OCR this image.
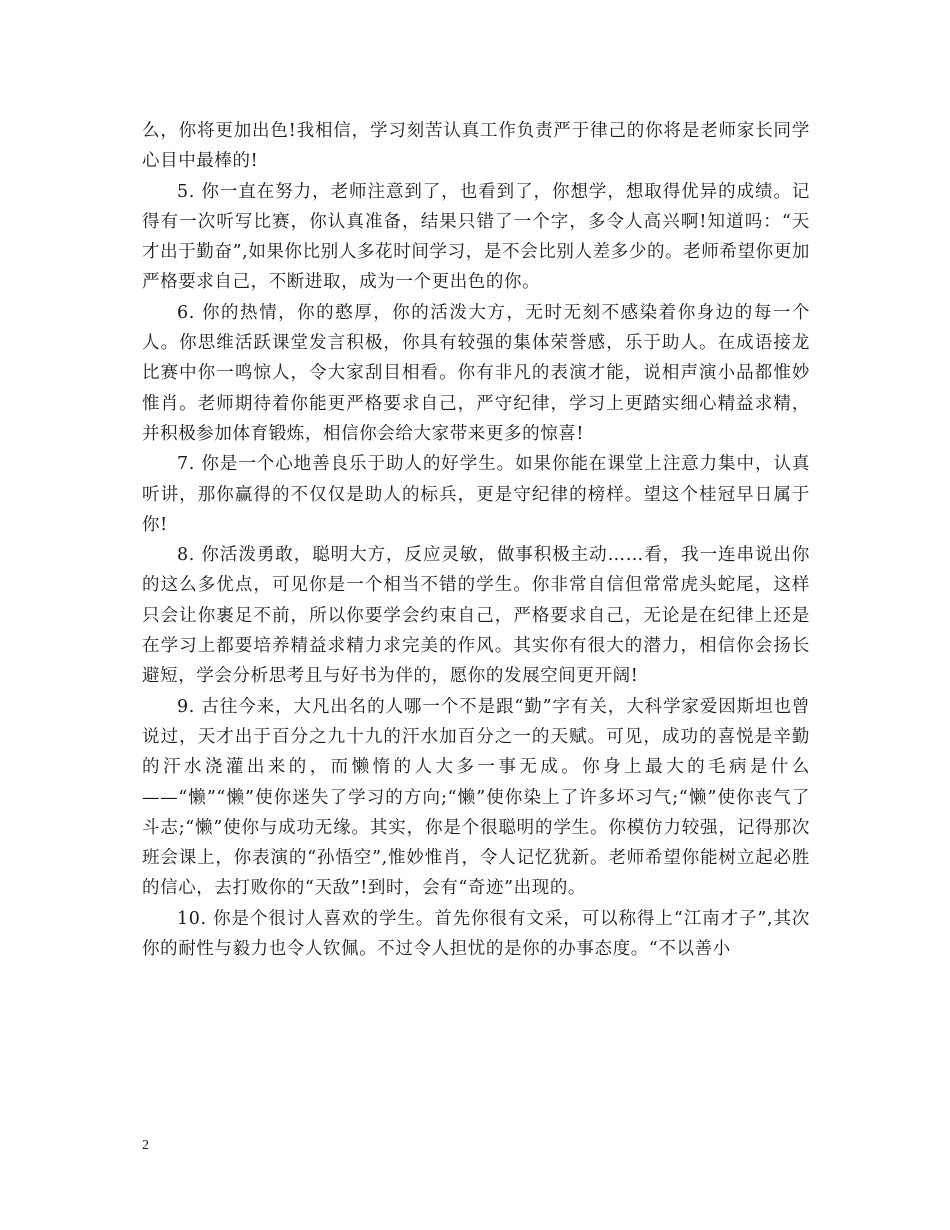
么，你将更加出色!我相信，学习刻苦认真工作负责严于律己的你将是老师家长同学心目中最棒的!

5. 你一直在努力，老师注意到了，也看到了，你想学，想取得优异的成绩。记得有一次听写比赛，你认真准备，结果只错了一个字，多令人高兴啊!知道吗：“天才出于勤奋”,如果你比别人多花时间学习，是不会比别人差多少的。老师希望你更加严格要求自己，不断进取，成为一个更出色的你。

6. 你的热情，你的憨厚，你的活泼大方，无时无刻不感染着你身边的每一个人。你思维活跃课堂发言积极，你具有较强的集体荣誉感，乐于助人。在成语接龙比赛中你一鸣惊人，令大家刮目相看。你有非凡的表演才能，说相声演小品都惟妙惟肖。老师期待着你能更严格要求自己，严守纪律，学习上更踏实细心精益求精，并积极参加体育锻炼，相信你会给大家带来更多的惊喜!

7. 你是一个心地善良乐于助人的好学生。如果你能在课堂上注意力集中，认真听讲，那你赢得的不仅仅是助人的标兵，更是守纪律的榜样。望这个桂冠早日属于你!

8. 你活泼勇敢，聪明大方，反应灵敏，做事积极主动……看，我一连串说出你的这么多优点，可见你是一个相当不错的学生。你非常自信但常常虎头蛇尾，这样只会让你裹足不前，所以你要学会约束自己，严格要求自己，无论是在纪律上还是在学习上都要培养精益求精力求完美的作风。其实你有很大的潜力，相信你会扬长避短，学会分析思考且与好书为伴的，愿你的发展空间更开阔!

9. 古往今来，大凡出名的人哪一个不是跟“勤”字有关，大科学家爱因斯坦也曾说过，天才出于百分之九十九的汗水加百分之一的天赋。可见，成功的喜悦是辛勤的汗水浇灌出来的，而懒惰的人大多一事无成。你身上最大的毛病是什么——“懒”“懒”使你迷失了学习的方向;“懒”使你染上了许多坏习气;“懒”使你丧气了斗志;“懒”使你与成功无缘。其实，你是个很聪明的学生。你模仿力较强，记得那次班会课上，你表演的“孙悟空”,惟妙惟肖，令人记忆犹新。老师希望你能树立起必胜的信心，去打败你的“天敌”!到时，会有“奇迹”出现的。

10. 你是个很讨人喜欢的学生。首先你很有文采，可以称得上“江南才子”,其次你的耐性与毅力也令人钦佩。不过令人担忧的是你的办事态度。“不以善小

2
